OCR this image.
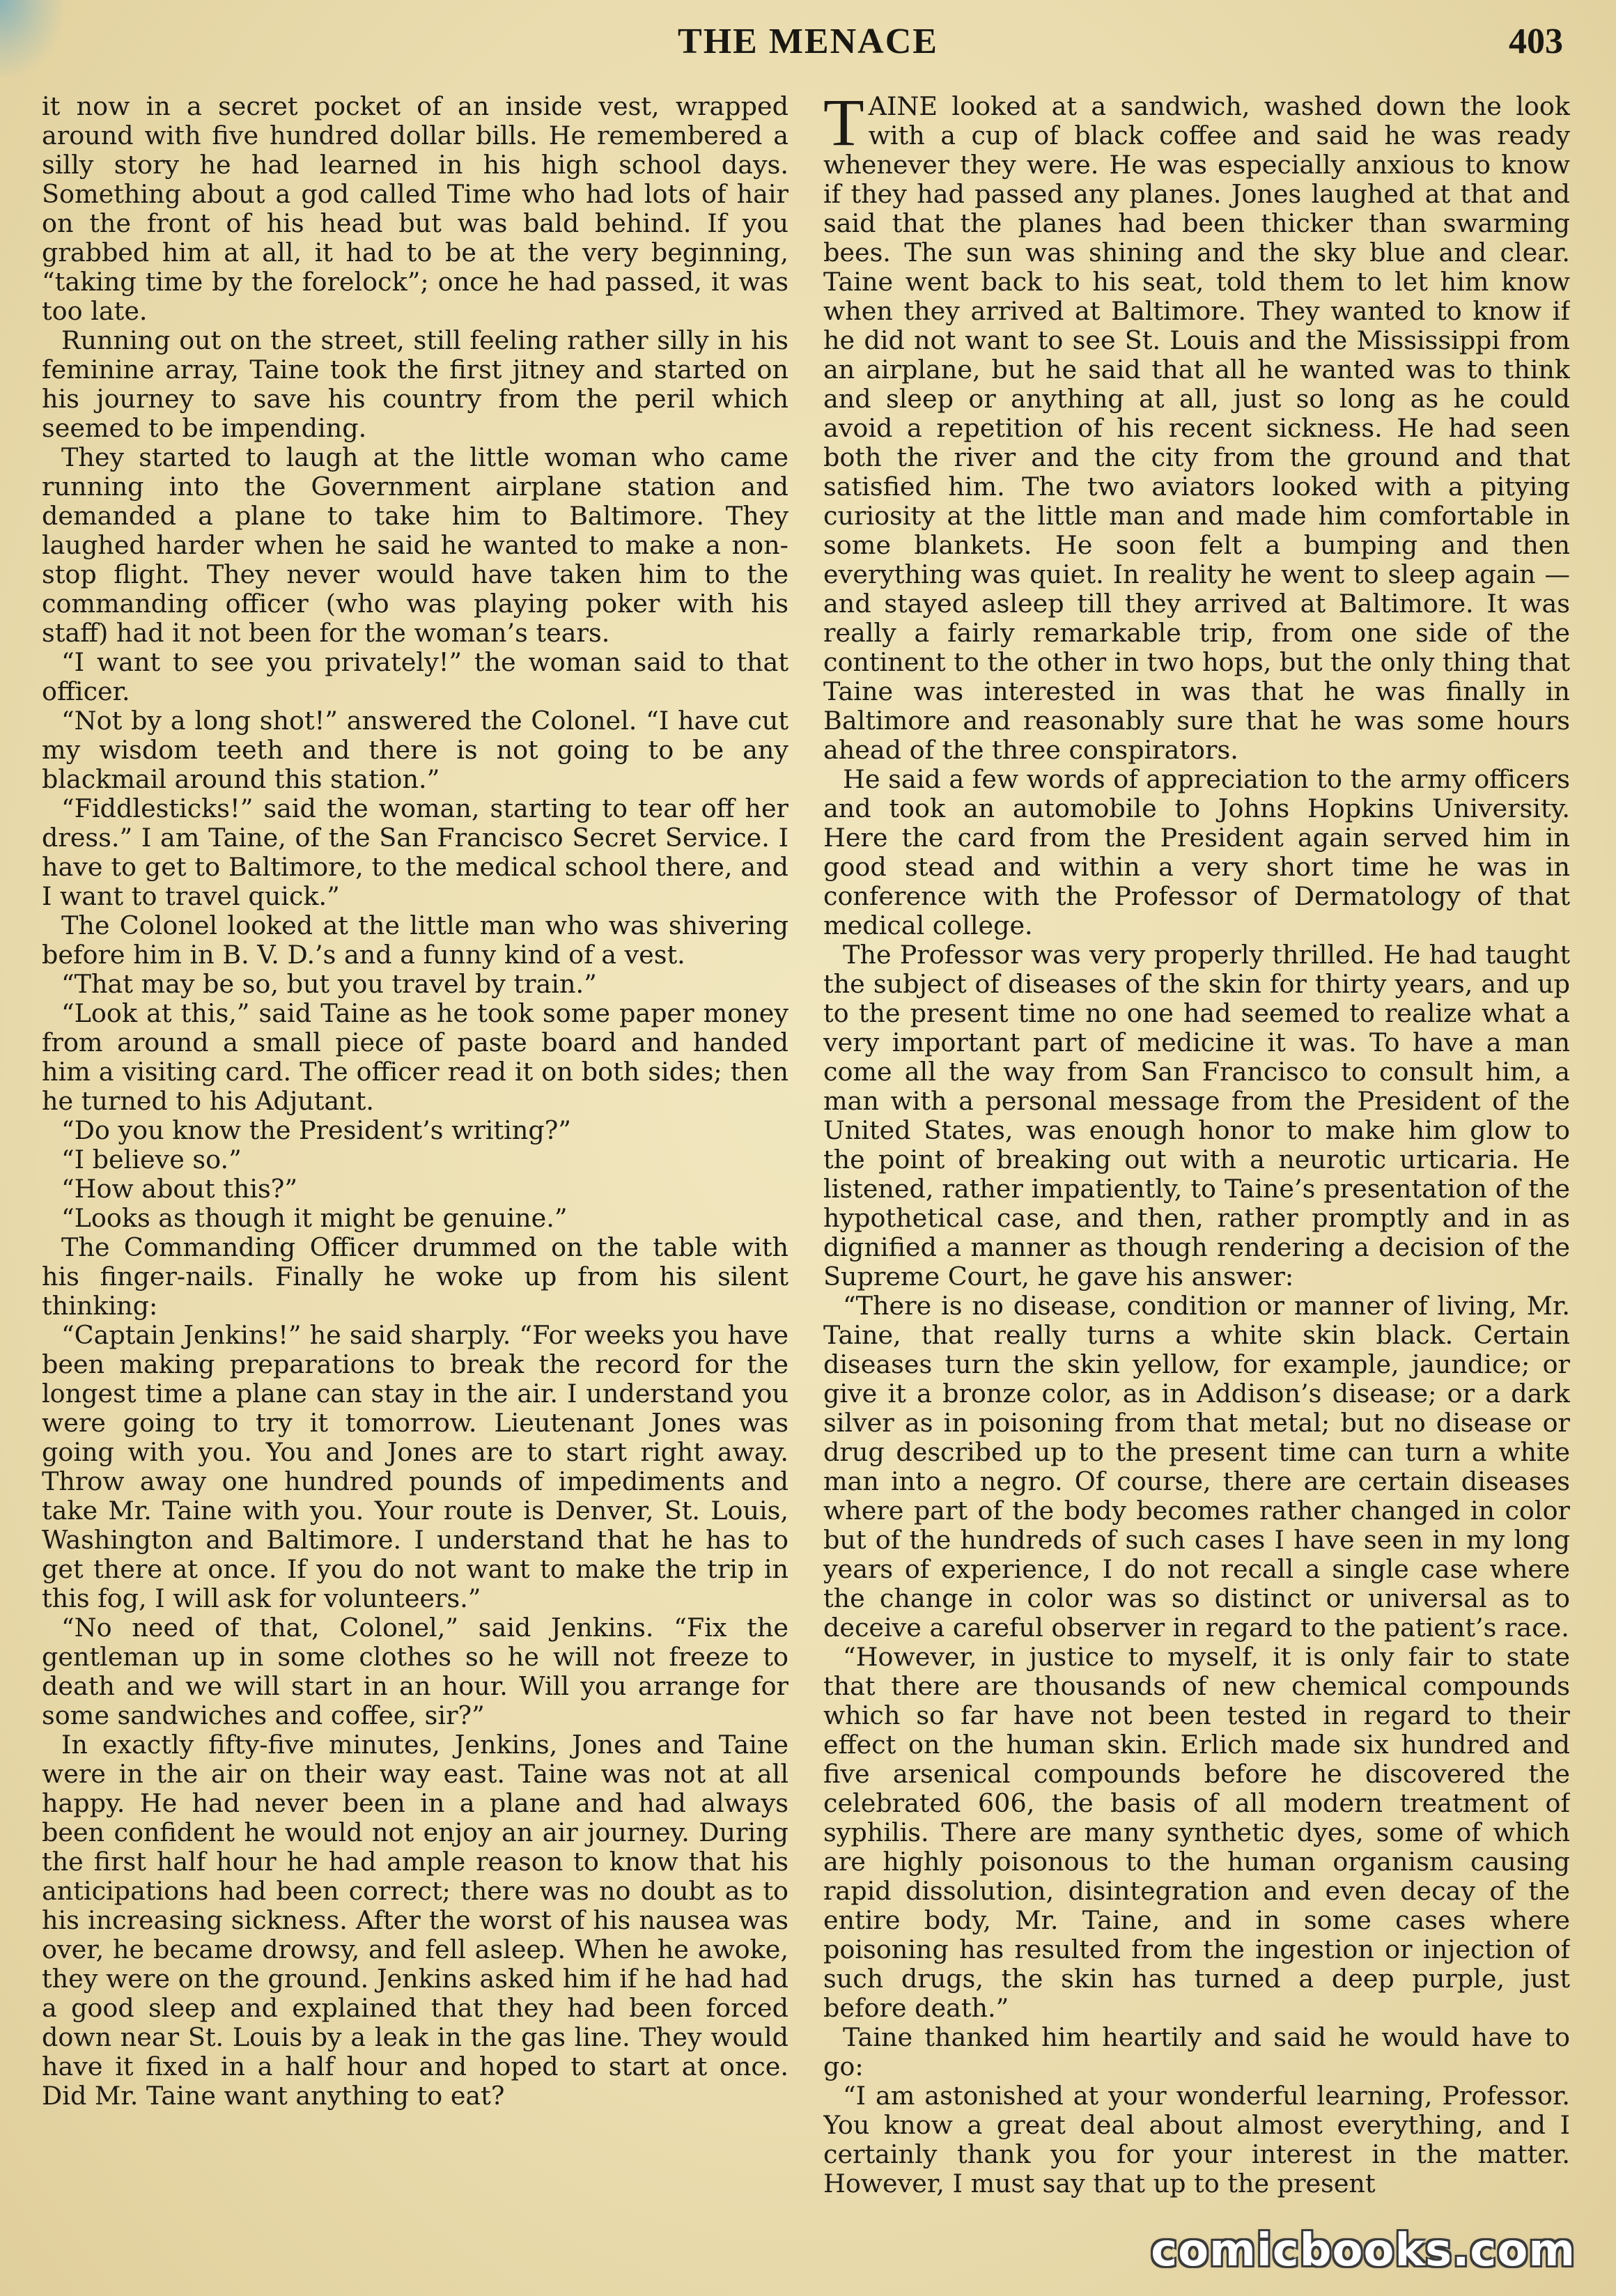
THE MENACE	403

it now in a secret pocket of an inside vest, wrapped around with five hundred dollar bills. He remembered a silly story he had learned in his high school days. Something about a god called Time who had lots of hair on the front of his head but was bald behind. If you grabbed him at all, it had to be at the very beginning, “taking time by the forelock”; once he had passed, it was too late.

Running out on the street, still feeling rather silly in his feminine array, Taine took the first jitney and started on his journey to save his country from the peril which seemed to be impending.

They started to laugh at the little woman who came running into the Government airplane station and demanded a plane to take him to Baltimore. They laughed harder when he said he wanted to make a non-stop flight. They never would have taken him to the commanding officer (who was playing poker with his staff) had it not been for the woman’s tears.

“I want to see you privately!” the woman said to that officer.

“Not by a long shot!” answered the Colonel. “I have cut my wisdom teeth and there is not going to be any blackmail around this station.”

“Fiddlesticks!” said the woman, starting to tear off her dress.” I am Taine, of the San Francisco Secret Service. I have to get to Baltimore, to the medical school there, and I want to travel quick.”

The Colonel looked at the little man who was shivering before him in B. V. D.’s and a funny kind of a vest.

“That may be so, but you travel by train.”

“Look at this,” said Taine as he took some paper money from around a small piece of paste board and handed him a visiting card. The officer read it on both sides; then he turned to his Adjutant.

“Do you know the President’s writing?”

“I believe so.”

“How about this?”

“Looks as though it might be genuine.”

The Commanding Officer drummed on the table with his finger-nails. Finally he woke up from his silent thinking:

“Captain Jenkins!” he said sharply. “For weeks you have been making preparations to break the record for the longest time a plane can stay in the air. I understand you were going to try it tomorrow. Lieutenant Jones was going with you. You and Jones are to start right away. Throw away one hundred pounds of impediments and take Mr. Taine with you. Your route is Denver, St. Louis, Washington and Baltimore. I understand that he has to get there at once. If you do not want to make the trip in this fog, I will ask for volunteers.”

“No need of that, Colonel,” said Jenkins. “Fix the gentleman up in some clothes so he will not freeze to death and we will start in an hour. Will you arrange for some sandwiches and coffee, sir?”

In exactly fifty-five minutes, Jenkins, Jones and Taine were in the air on their way east. Taine was not at all happy. He had never been in a plane and had always been confident he would not enjoy an air journey. During the first half hour he had ample reason to know that his anticipations had been correct; there was no doubt as to his increasing sickness. After the worst of his nausea was over, he became drowsy, and fell asleep. When he awoke, they were on the ground. Jenkins asked him if he had had a good sleep and explained that they had been forced down near St. Louis by a leak in the gas line. They would have it fixed in a half hour and hoped to start at once. Did Mr. Taine want anything to eat?

TAINE looked at a sandwich, washed down the look with a cup of black coffee and said he was ready whenever they were. He was especially anxious to know if they had passed any planes. Jones laughed at that and said that the planes had been thicker than swarming bees. The sun was shining and the sky blue and clear. Taine went back to his seat, told them to let him know when they arrived at Baltimore. They wanted to know if he did not want to see St. Louis and the Mississippi from an airplane, but he said that all he wanted was to think and sleep or anything at all, just so long as he could avoid a repetition of his recent sickness. He had seen both the river and the city from the ground and that satisfied him. The two aviators looked with a pitying curiosity at the little man and made him comfortable in some blankets. He soon felt a bumping and then everything was quiet. In reality he went to sleep again —and stayed asleep till they arrived at Baltimore. It was really a fairly remarkable trip, from one side of the continent to the other in two hops, but the only thing that Taine was interested in was that he was finally in Baltimore and reasonably sure that he was some hours ahead of the three conspirators.

He said a few words of appreciation to the army officers and took an automobile to Johns Hopkins University. Here the card from the President again served him in good stead and within a very short time he was in conference with the Professor of Dermatology of that medical college.

The Professor was very properly thrilled. He had taught the subject of diseases of the skin for thirty years, and up to the present time no one had seemed to realize what a very important part of medicine it was. To have a man come all the way from San Francisco to consult him, a man with a personal message from the President of the United States, was enough honor to make him glow to the point of breaking out with a neurotic urticaria. He listened, rather impatiently, to Taine’s presentation of the hypothetical case, and then, rather promptly and in as dignified a manner as though rendering a decision of the Supreme Court, he gave his answer:

“There is no disease, condition or manner of living, Mr. Taine, that really turns a white skin black. Certain diseases turn the skin yellow, for example, jaundice; or give it a bronze color, as in Addison’s disease; or a dark silver as in poisoning from that metal; but no disease or drug described up to the present time can turn a white man into a negro. Of course, there are certain diseases where part of the body becomes rather changed in color but of the hundreds of such cases I have seen in my long years of experience, I do not recall a single case where the change in color was so distinct or universal as to deceive a careful observer in regard to the patient’s race.

“However, in justice to myself, it is only fair to state that there are thousands of new chemical compounds which so far have not been tested in regard to their effect on the human skin. Erlich made six hundred and five arsenical compounds before he discovered the celebrated 606, the basis of all modern treatment of syphilis. There are many synthetic dyes, some of which are highly poisonous to the human organism causing rapid dissolution, disintegration and even decay of the entire body, Mr. Taine, and in some cases where poisoning has resulted from the ingestion or injection of such drugs, the skin has turned a deep purple, just before death.”

Taine thanked him heartily and said he would have to go:

“I am astonished at your wonderful learning, Professor. You know a great deal about almost everything, and I certainly thank you for your interest in the matter. However, I must say that up to the present

comicbooks.com
